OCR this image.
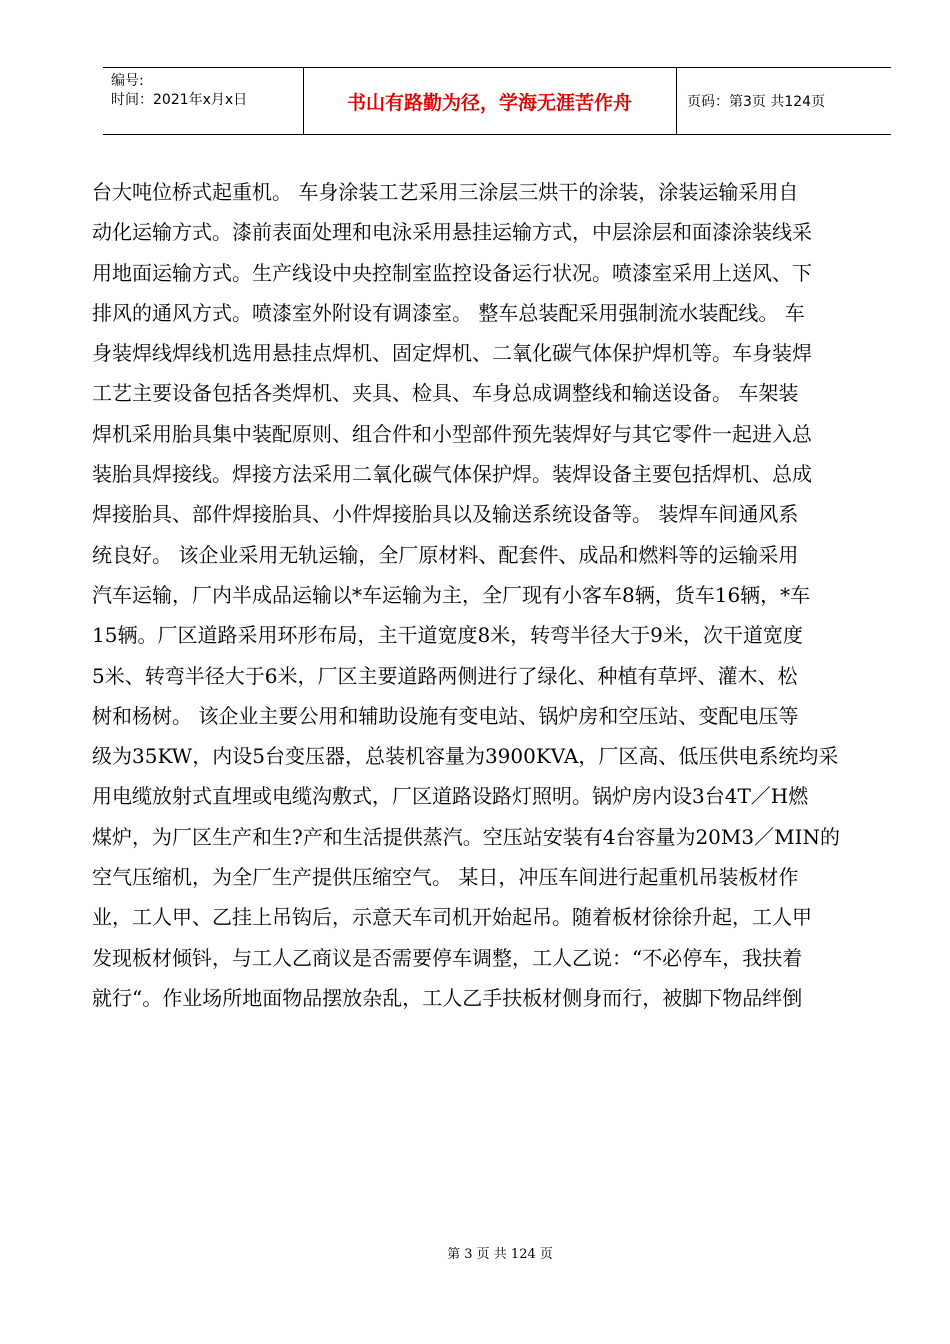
编号:
时间：2021年x月x日	书山有路勤为径，学海无涯苦作舟	页码：第3页 共124页
台大吨位桥式起重机。 车身涂装工艺采用三涂层三烘干的涂装，涂装运输采用自
动化运输方式。漆前表面处理和电泳采用悬挂运输方式，中层涂层和面漆涂装线采
用地面运输方式。生产线设中央控制室监控设备运行状况。喷漆室采用上送风、下
排风的通风方式。喷漆室外附设有调漆室。 整车总装配采用强制流水装配线。 车
身装焊线焊线机选用悬挂点焊机、固定焊机、二氧化碳气体保护焊机等。车身装焊
工艺主要设备包括各类焊机、夹具、检具、车身总成调整线和输送设备。 车架装
焊机采用胎具集中装配原则、组合件和小型部件预先装焊好与其它零件一起进入总
装胎具焊接线。焊接方法采用二氧化碳气体保护焊。装焊设备主要包括焊机、总成
焊接胎具、部件焊接胎具、小件焊接胎具以及输送系统设备等。 装焊车间通风系
统良好。 该企业采用无轨运输，全厂原材料、配套件、成品和燃料等的运输采用
汽车运输，厂内半成品运输以*车运输为主，全厂现有小客车8辆，货车16辆，*车
15辆。厂区道路采用环形布局，主干道宽度8米，转弯半径大于9米，次干道宽度
5米、转弯半径大于6米，厂区主要道路两侧进行了绿化、种植有草坪、灌木、松
树和杨树。 该企业主要公用和辅助设施有变电站、锅炉房和空压站、变配电压等
级为35KW，内设5台变压器，总装机容量为3900KVA，厂区高、低压供电系统均采
用电缆放射式直埋或电缆沟敷式，厂区道路设路灯照明。锅炉房内设3台4T／H燃
煤炉，为厂区生产和生?产和生活提供蒸汽。空压站安装有4台容量为20M3／MIN的
空气压缩机，为全厂生产提供压缩空气。 某日，冲压车间进行起重机吊装板材作
业，工人甲、乙挂上吊钩后，示意天车司机开始起吊。随着板材徐徐升起，工人甲
发现板材倾钭，与工人乙商议是否需要停车调整，工人乙说：“不必停车，我扶着
就行“。作业场所地面物品摆放杂乱，工人乙手扶板材侧身而行，被脚下物品绊倒
第 3 页 共 124 页
